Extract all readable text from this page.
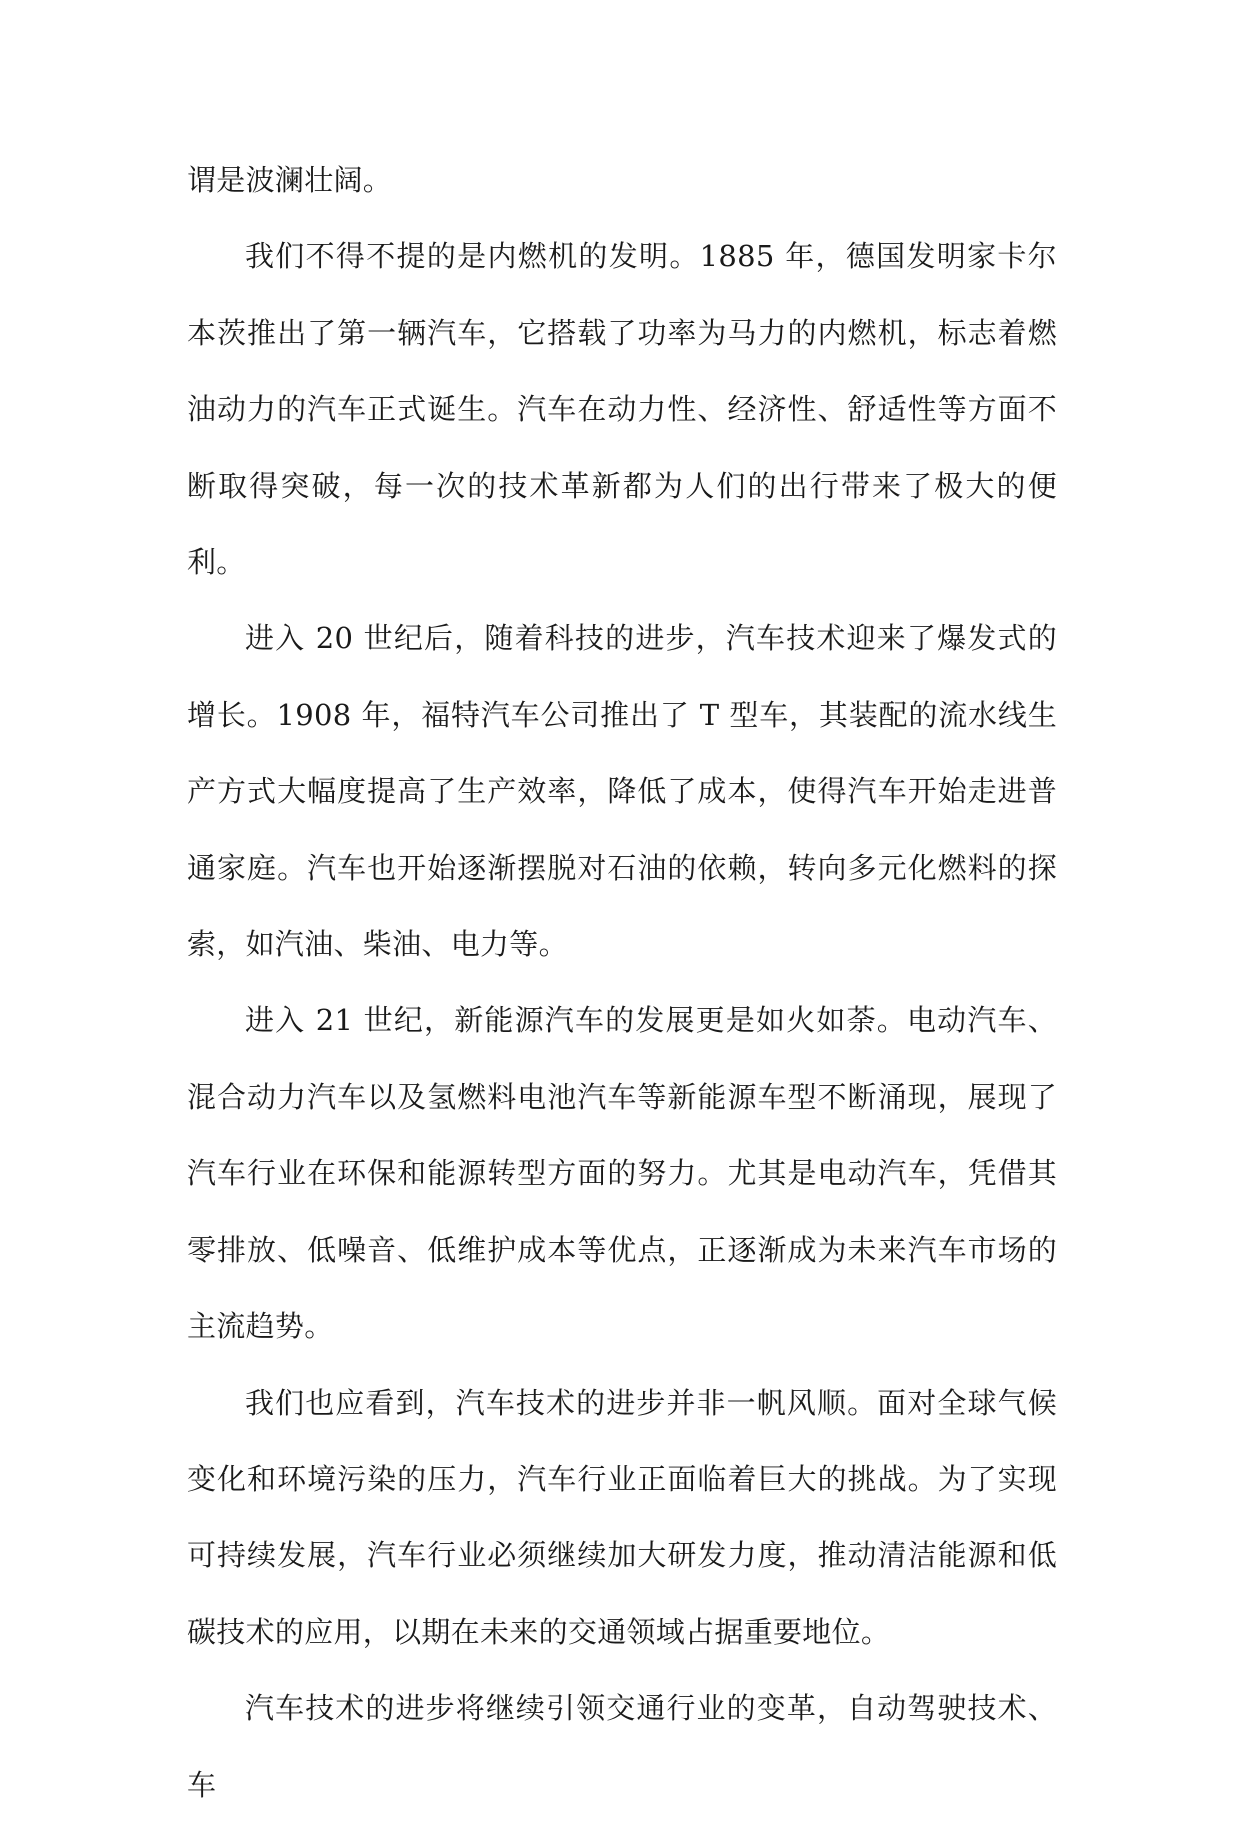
谓是波澜壮阔。

我们不得不提的是内燃机的发明。1885 年，德国发明家卡尔本茨推出了第一辆汽车，它搭载了功率为马力的内燃机，标志着燃油动力的汽车正式诞生。汽车在动力性、经济性、舒适性等方面不断取得突破，每一次的技术革新都为人们的出行带来了极大的便利。

进入 20 世纪后，随着科技的进步，汽车技术迎来了爆发式的增长。1908 年，福特汽车公司推出了 T 型车，其装配的流水线生产方式大幅度提高了生产效率，降低了成本，使得汽车开始走进普通家庭。汽车也开始逐渐摆脱对石油的依赖，转向多元化燃料的探索，如汽油、柴油、电力等。

进入 21 世纪，新能源汽车的发展更是如火如荼。电动汽车、混合动力汽车以及氢燃料电池汽车等新能源车型不断涌现，展现了汽车行业在环保和能源转型方面的努力。尤其是电动汽车，凭借其零排放、低噪音、低维护成本等优点，正逐渐成为未来汽车市场的主流趋势。

我们也应看到，汽车技术的进步并非一帆风顺。面对全球气候变化和环境污染的压力，汽车行业正面临着巨大的挑战。为了实现可持续发展，汽车行业必须继续加大研发力度，推动清洁能源和低碳技术的应用，以期在未来的交通领域占据重要地位。

汽车技术的进步将继续引领交通行业的变革，自动驾驶技术、车
